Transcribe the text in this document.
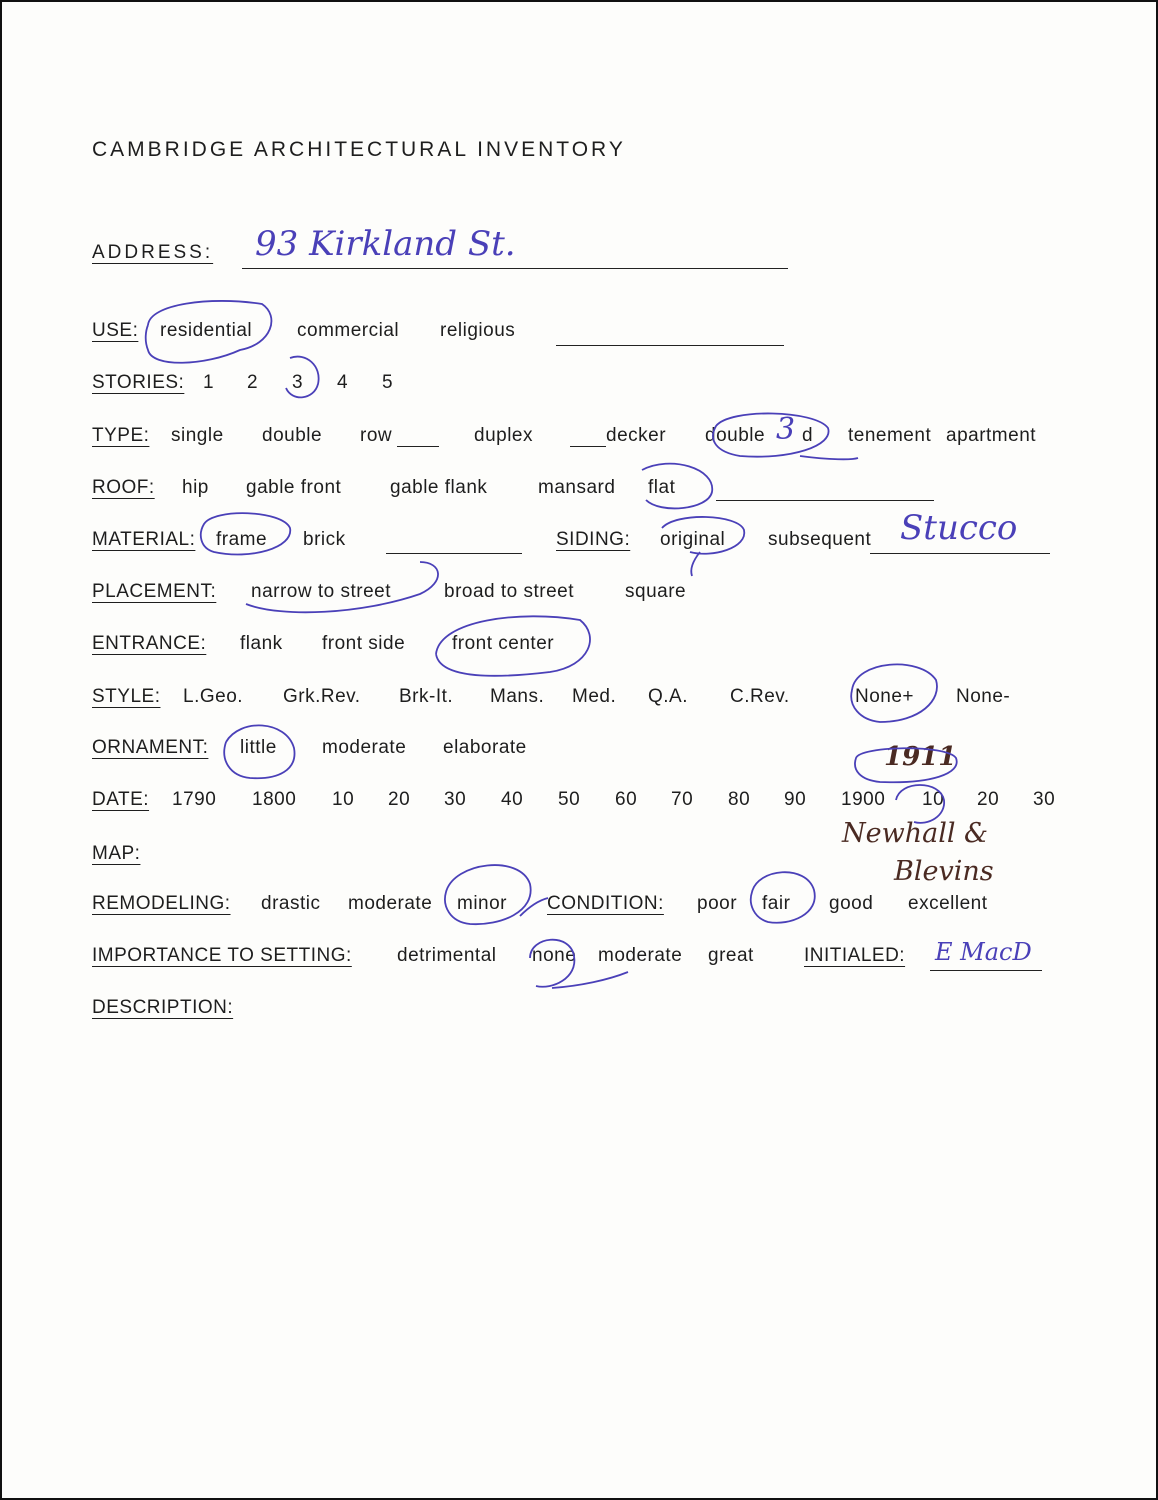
CAMBRIDGE ARCHITECTURAL INVENTORY
ADDRESS: 93 Kirkland St.
USE: residential commercial religious
STORIES: 1 2 3 4 5
TYPE: single double row	duplex	decker double 3 d tenement apartment
ROOF: hip gable front	gable flank	mansard flat
MATERIAL: frame brick	SIDING: original subsequent Stucco
PLACEMENT: narrow to street	broad to street	square
ENTRANCE: flank front side front center
STYLE: L.Geo. Grk.Rev. Brk-It. Mans. Med. Q.A. C.Rev.	None+ None-
ORNAMENT: little moderate elaborate	1911
DATE: 1790 1800 10 20 30 40 50 60 70 80 90 1900 10 20 30
MAP:
Newhall &
Blevins
REMODELING: drastic moderate minor CONDITION: poor fair good excellent
IMPORTANCE TO SETTING: detrimental none moderate great	INITIALED: E MacD
DESCRIPTION:
